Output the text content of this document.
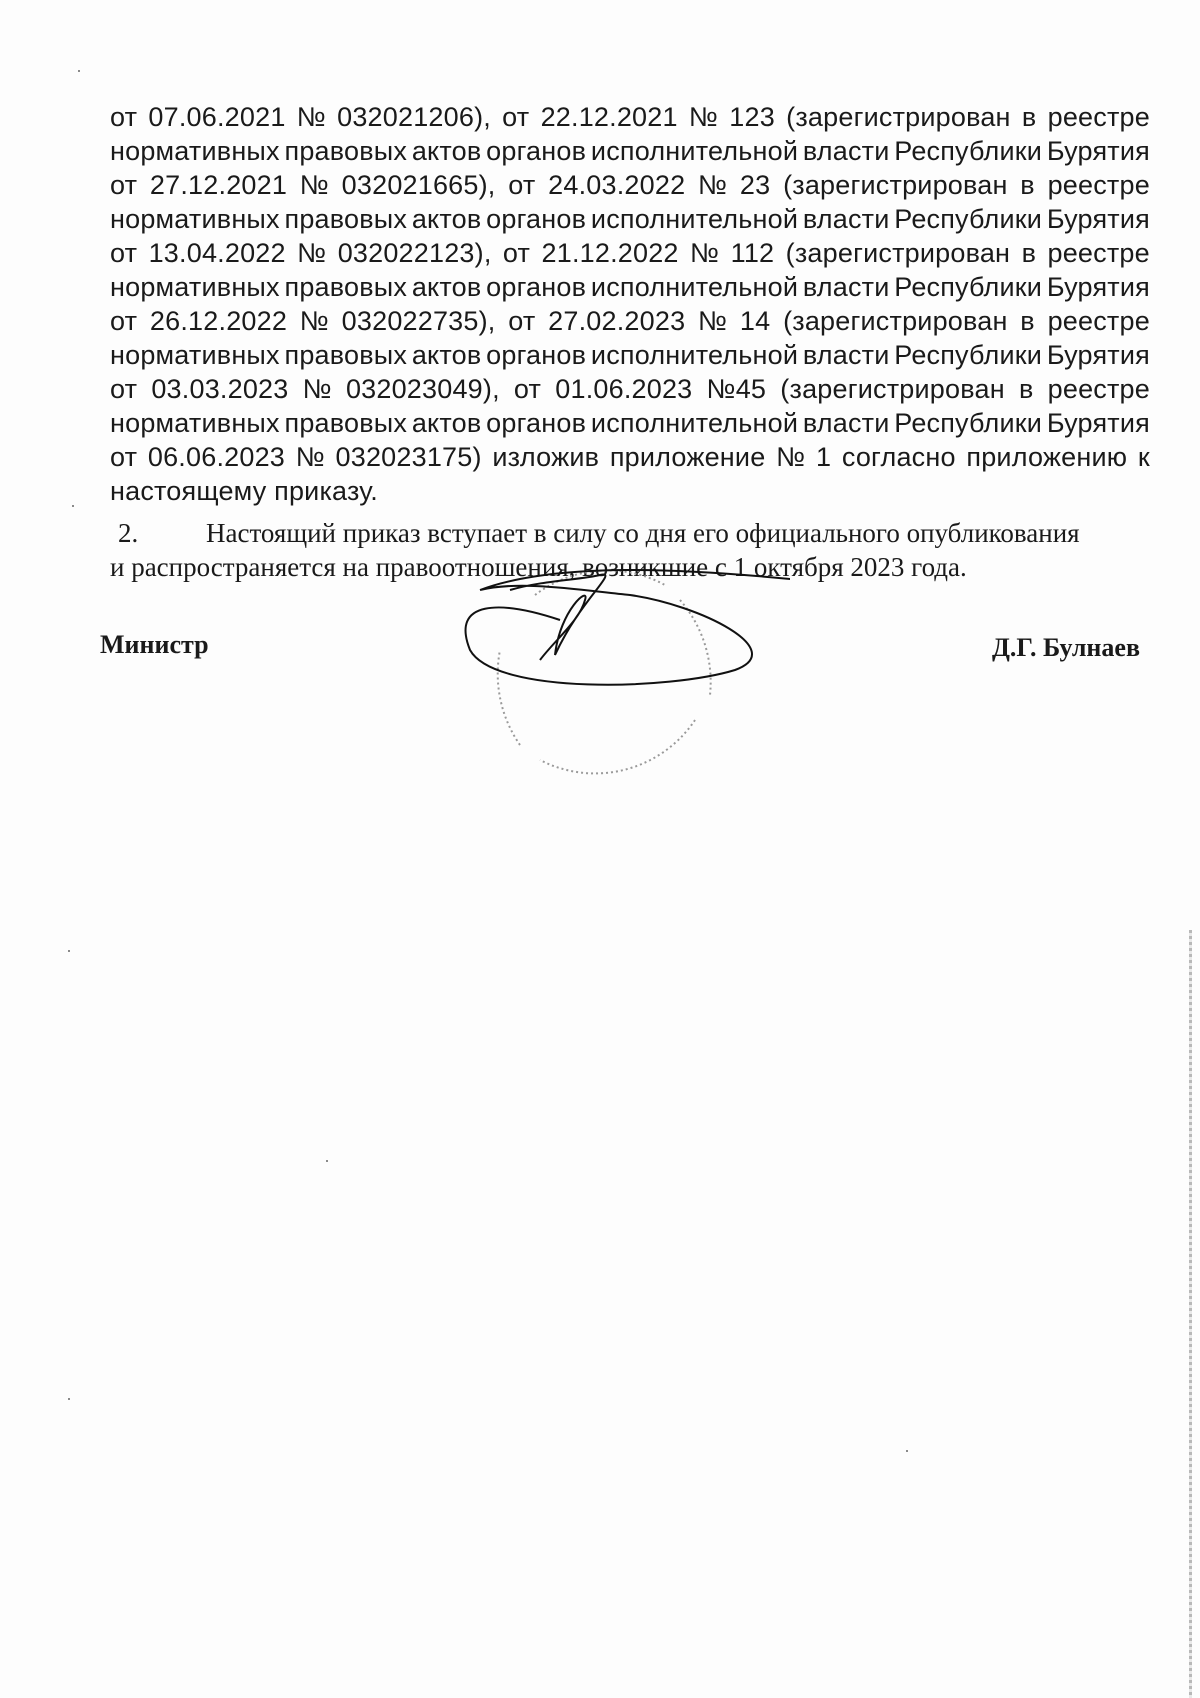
от 07.06.2021 № 032021206), от 22.12.2021 № 123 (зарегистрирован в реестре
нормативных правовых актов органов исполнительной власти Республики Бурятия
от 27.12.2021 № 032021665), от 24.03.2022 № 23 (зарегистрирован в реестре
нормативных правовых актов органов исполнительной власти Республики Бурятия
от 13.04.2022 № 032022123), от 21.12.2022 № 112 (зарегистрирован в реестре
нормативных правовых актов органов исполнительной власти Республики Бурятия
от 26.12.2022 № 032022735), от 27.02.2023 № 14 (зарегистрирован в реестре
нормативных правовых актов органов исполнительной власти Республики Бурятия
от 03.03.2023 № 032023049), от 01.06.2023 №45 (зарегистрирован в реестре
нормативных правовых актов органов исполнительной власти Республики Бурятия
от 06.06.2023 № 032023175) изложив приложение № 1 согласно приложению к
настоящему приказу.
2.	Настоящий приказ вступает в силу со дня его официального опубликования
и распространяется на правоотношения, возникшие с 1 октября 2023 года.
Министр	Д.Г. Булнаев
